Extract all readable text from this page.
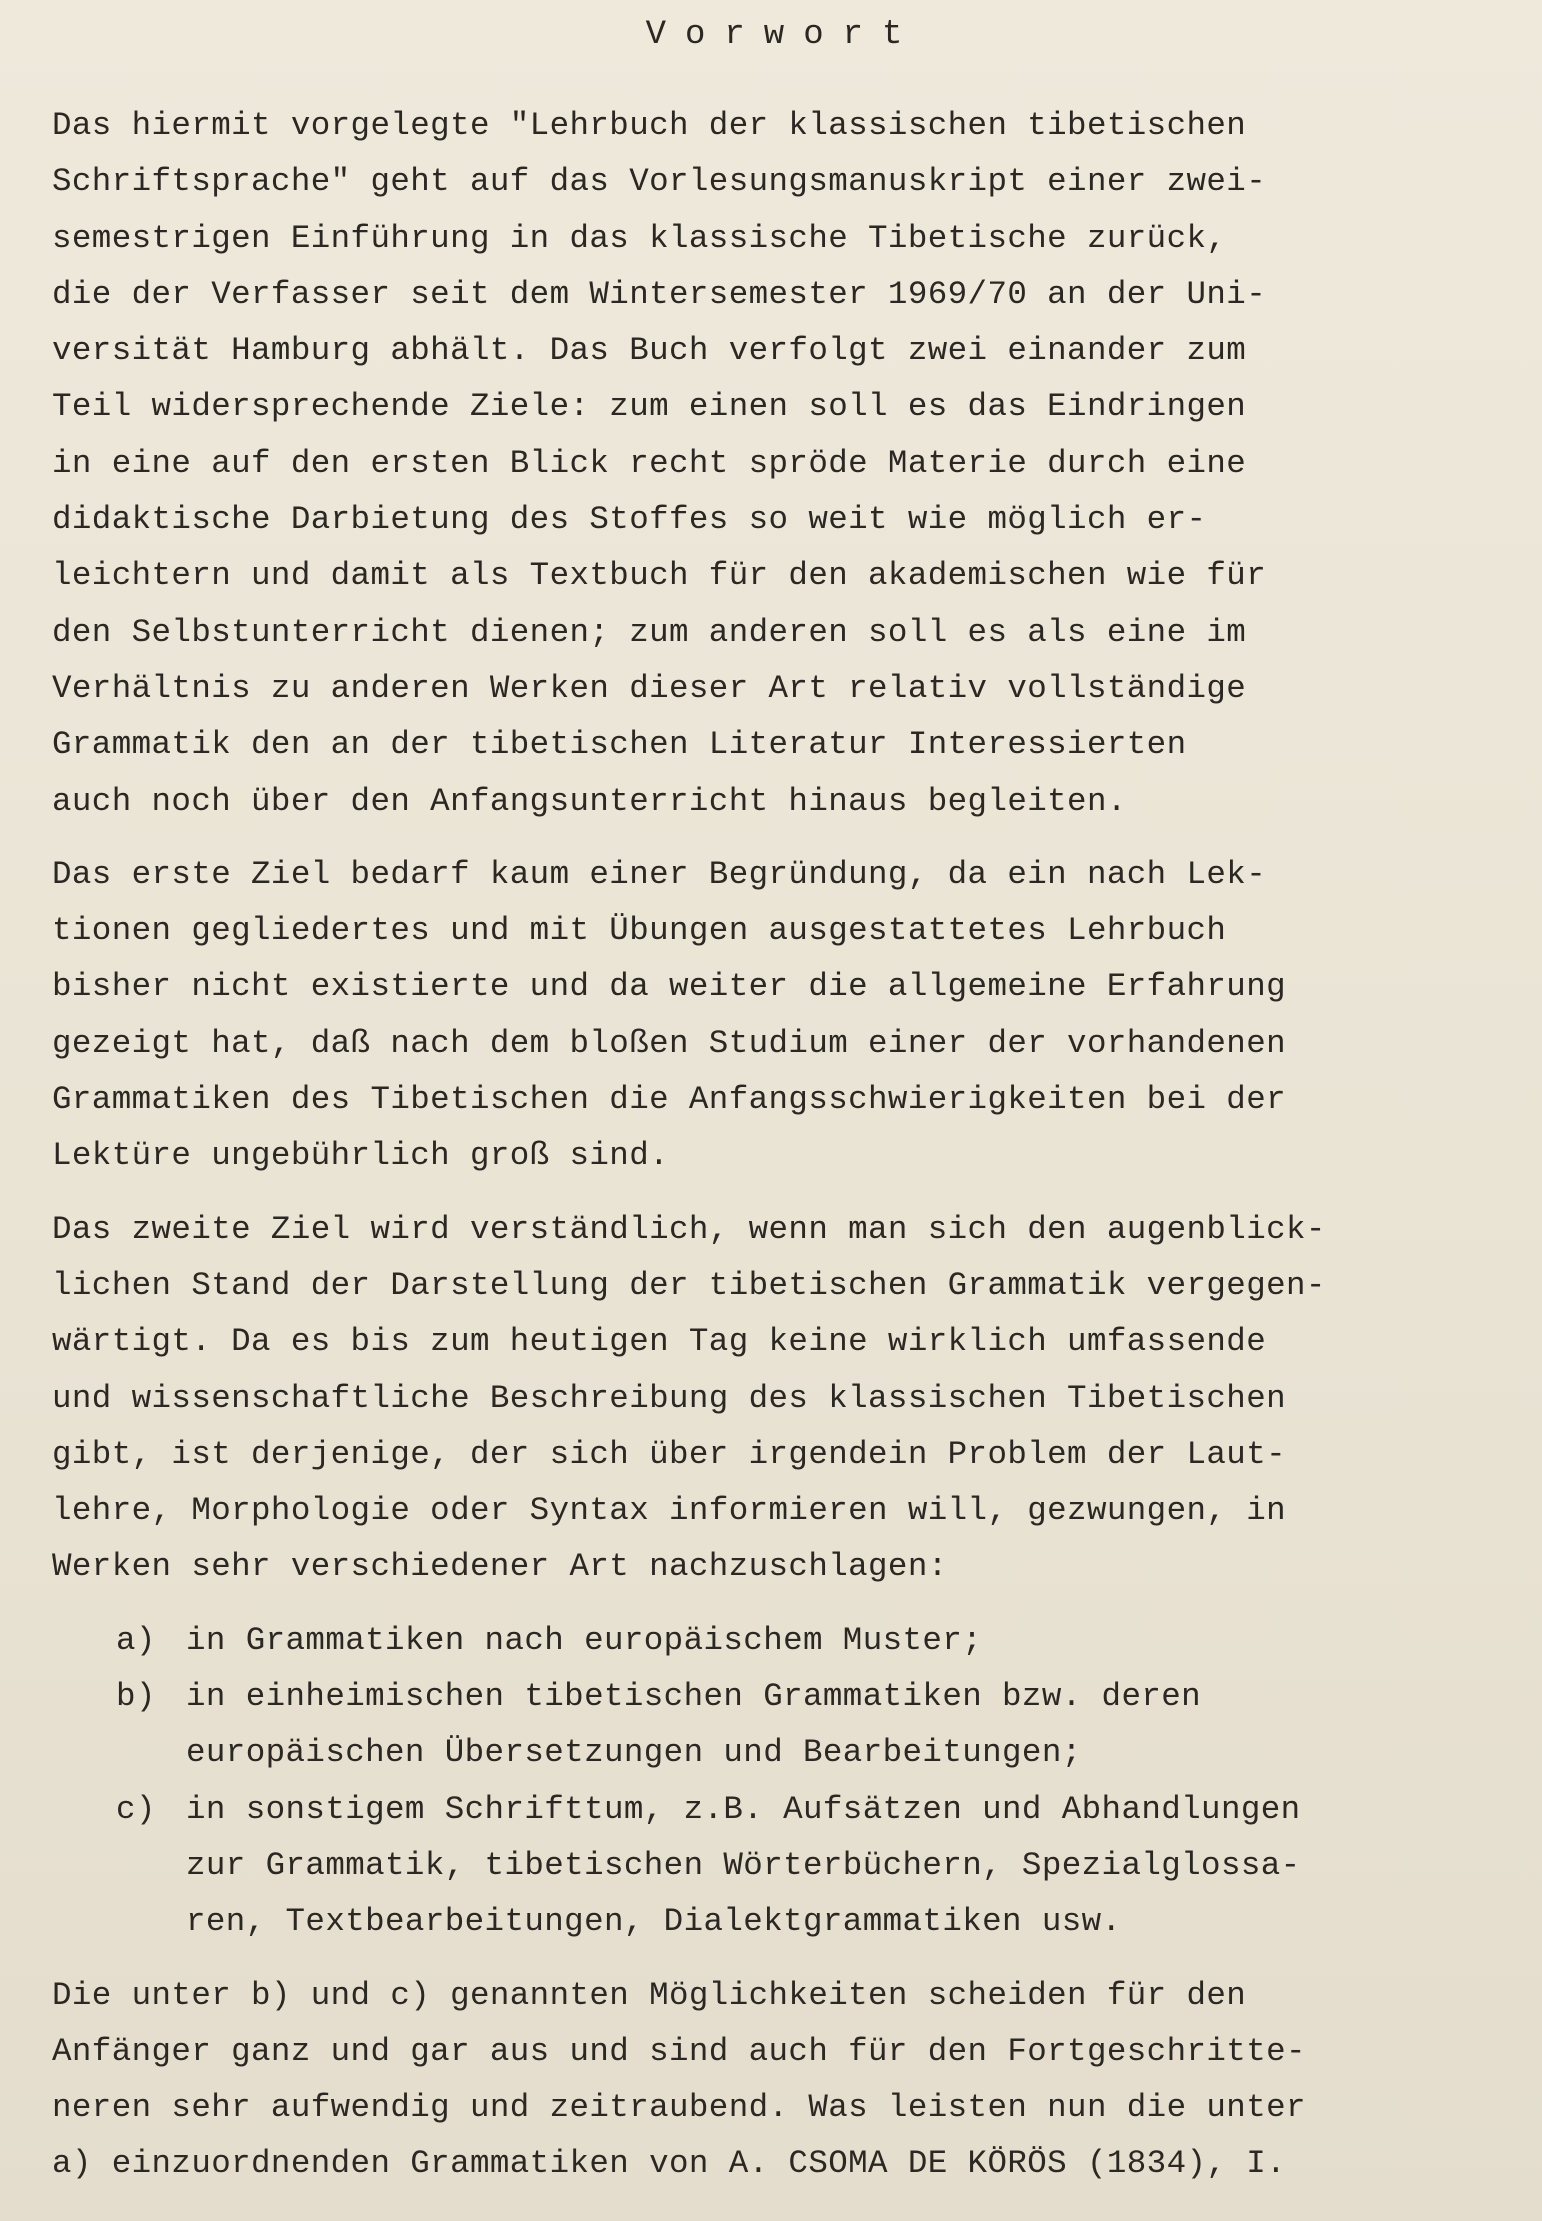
Vorwort
Das hiermit vorgelegte "Lehrbuch der klassischen tibetischen
Schriftsprache" geht auf das Vorlesungsmanuskript einer zwei-
semestrigen Einführung in das klassische Tibetische zurück,
die der Verfasser seit dem Wintersemester 1969/70 an der Uni-
versität Hamburg abhält. Das Buch verfolgt zwei einander zum
Teil widersprechende Ziele: zum einen soll es das Eindringen
in eine auf den ersten Blick recht spröde Materie durch eine
didaktische Darbietung des Stoffes so weit wie möglich er-
leichtern und damit als Textbuch für den akademischen wie für
den Selbstunterricht dienen; zum anderen soll es als eine im
Verhältnis zu anderen Werken dieser Art relativ vollständige
Grammatik den an der tibetischen Literatur Interessierten
auch noch über den Anfangsunterricht hinaus begleiten.
Das erste Ziel bedarf kaum einer Begründung, da ein nach Lek-
tionen gegliedertes und mit Übungen ausgestattetes Lehrbuch
bisher nicht existierte und da weiter die allgemeine Erfahrung
gezeigt hat, daß nach dem bloßen Studium einer der vorhandenen
Grammatiken des Tibetischen die Anfangsschwierigkeiten bei der
Lektüre ungebührlich groß sind.
Das zweite Ziel wird verständlich, wenn man sich den augenblick-
lichen Stand der Darstellung der tibetischen Grammatik vergegen-
wärtigt. Da es bis zum heutigen Tag keine wirklich umfassende
und wissenschaftliche Beschreibung des klassischen Tibetischen
gibt, ist derjenige, der sich über irgendein Problem der Laut-
lehre, Morphologie oder Syntax informieren will, gezwungen, in
Werken sehr verschiedener Art nachzuschlagen:
a) in Grammatiken nach europäischem Muster;
b) in einheimischen tibetischen Grammatiken bzw. deren
europäischen Übersetzungen und Bearbeitungen;
c) in sonstigem Schrifttum, z.B. Aufsätzen und Abhandlungen
zur Grammatik, tibetischen Wörterbüchern, Spezialglossa-
ren, Textbearbeitungen, Dialektgrammatiken usw.
Die unter b) und c) genannten Möglichkeiten scheiden für den
Anfänger ganz und gar aus und sind auch für den Fortgeschritte-
neren sehr aufwendig und zeitraubend. Was leisten nun die unter
a) einzuordnenden Grammatiken von A. CSOMA DE KÖRÖS (1834), I.
